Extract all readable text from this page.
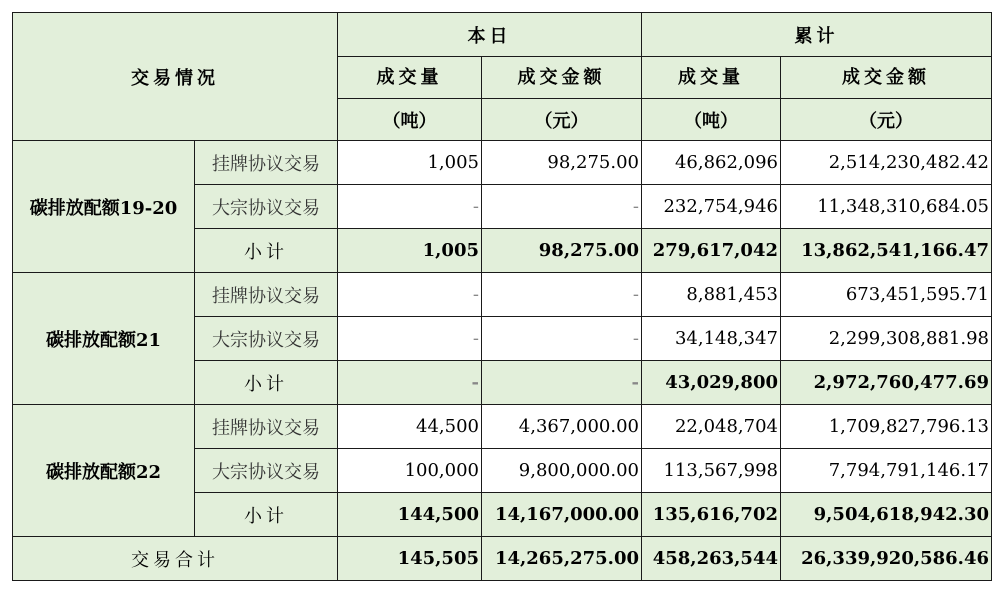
交易情况		本日		累计	
		成交量	成交金额	成交量	成交金额
		（吨）	（元）	（吨）	（元）
碳排放配额19-20	挂牌协议交易	1,005	98,275.00	46,862,096	2,514,230,482.42
	大宗协议交易	-	-	232,754,946	11,348,310,684.05
	小计	1,005	98,275.00	279,617,042	13,862,541,166.47
碳排放配额21	挂牌协议交易	-	-	8,881,453	673,451,595.71
	大宗协议交易	-	-	34,148,347	2,299,308,881.98
	小计	-	-	43,029,800	2,972,760,477.69
碳排放配额22	挂牌协议交易	44,500	4,367,000.00	22,048,704	1,709,827,796.13
	大宗协议交易	100,000	9,800,000.00	113,567,998	7,794,791,146.17
	小计	144,500	14,167,000.00	135,616,702	9,504,618,942.30
交易合计		145,505	14,265,275.00	458,263,544	26,339,920,586.46
